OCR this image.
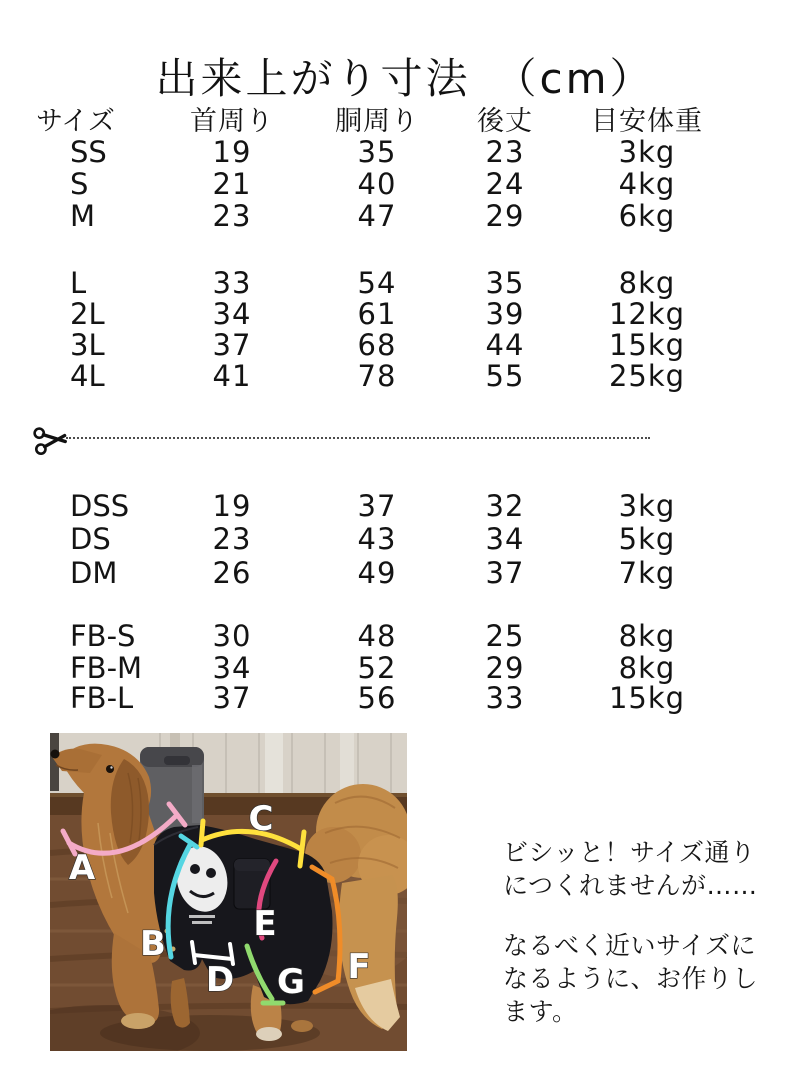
出来上がり寸法　（cm）
サイズ	首周り	胴周り	後丈	目安体重
SS	19	35	23	3kg
S	21	40	24	4kg
M	23	47	29	6kg
L	33	54	35	8kg
2L	34	61	39	12kg
3L	37	68	44	15kg
4L	41	78	55	25kg
DSS	19	37	32	3kg
DS	23	43	34	5kg
DM	26	49	37	7kg
FB-S	30	48	25	8kg
FB-M	34	52	29	8kg
FB-L	37	56	33	15kg
A
B
C
D
E
F
G
ビシッと！サイズ通り
につくれませんが……
なるべく近いサイズに
なるように、お作りし
ます。
